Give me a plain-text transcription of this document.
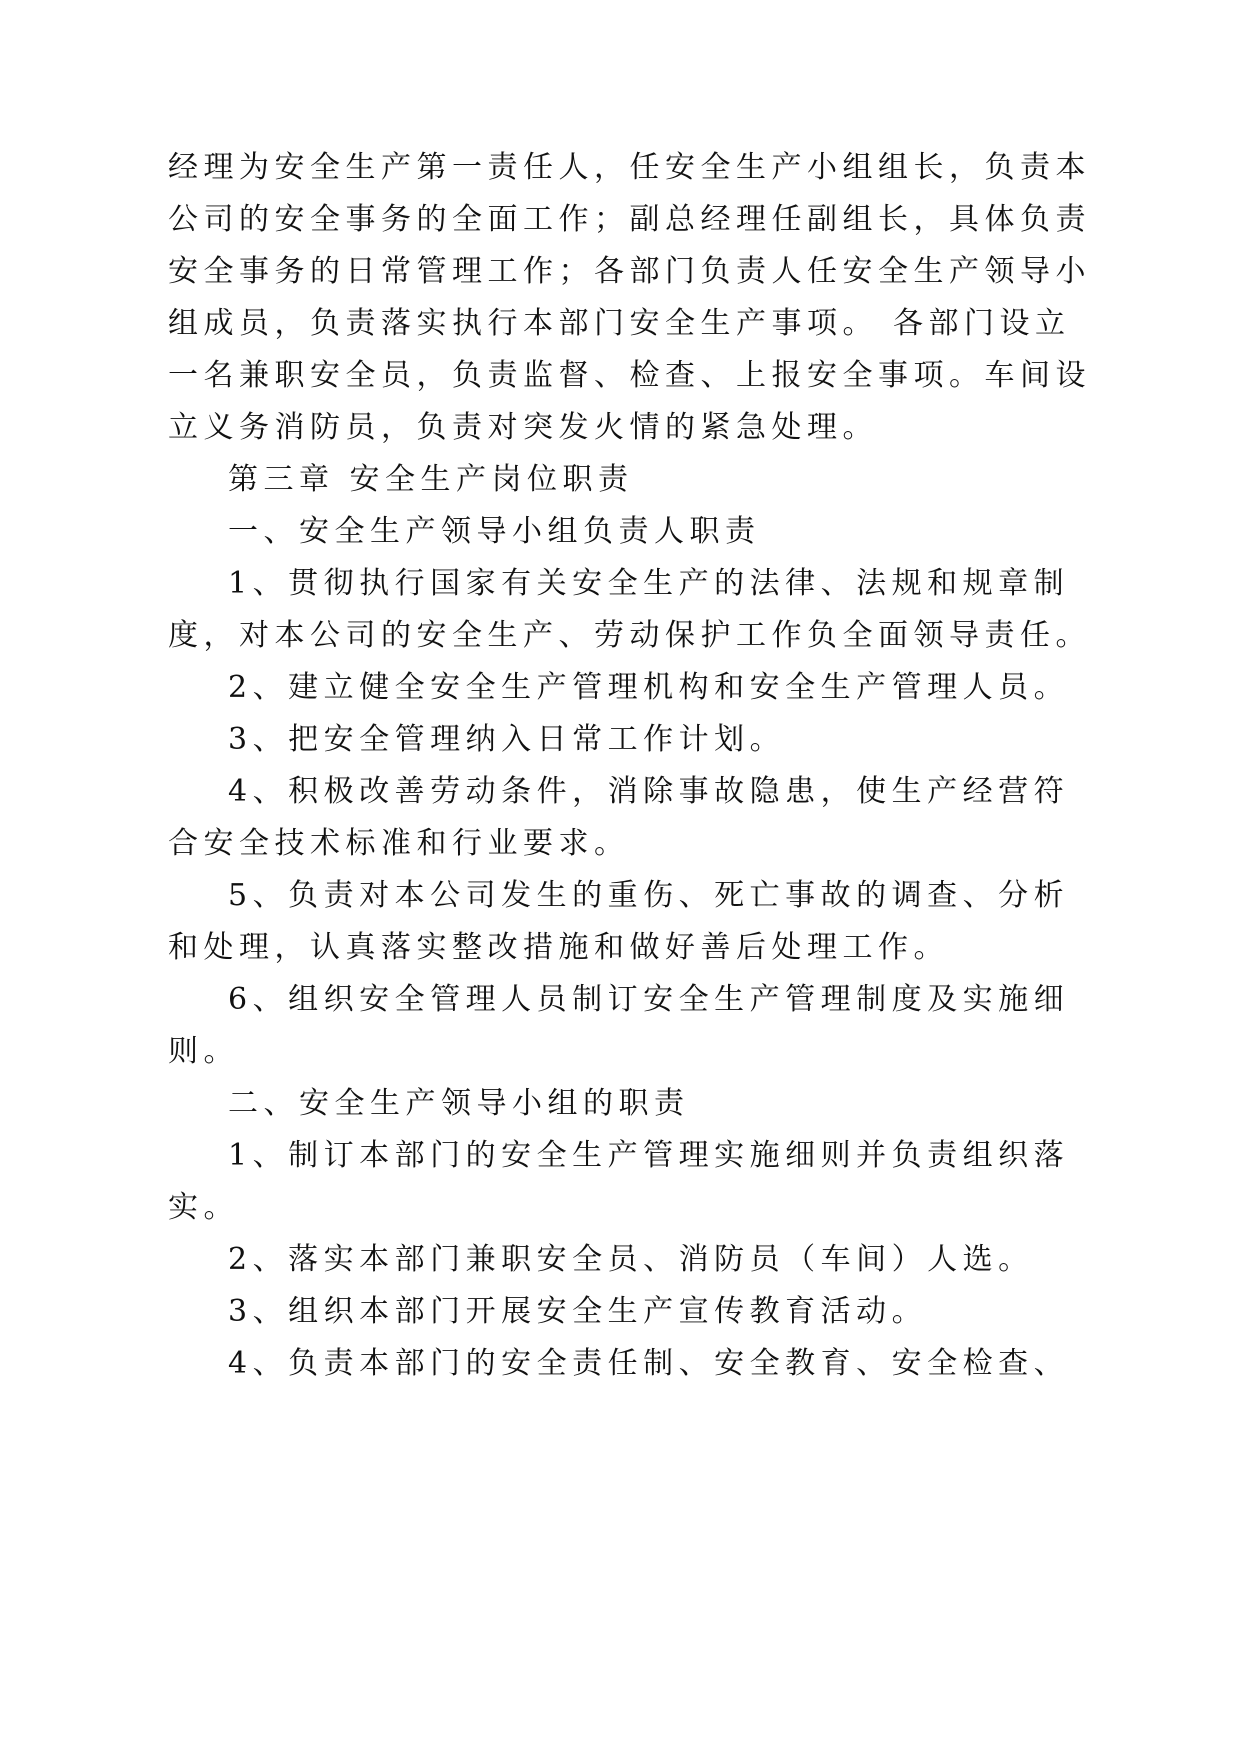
经理为安全生产第一责任人，任安全生产小组组长，负责本
公司的安全事务的全面工作；副总经理任副组长，具体负责
安全事务的日常管理工作；各部门负责人任安全生产领导小
组成员，负责落实执行本部门安全生产事项。 各部门设立
一名兼职安全员，负责监督、检查、上报安全事项。车间设
立义务消防员，负责对突发火情的紧急处理。
第三章 安全生产岗位职责
一、安全生产领导小组负责人职责
1、贯彻执行国家有关安全生产的法律、法规和规章制
度，对本公司的安全生产、劳动保护工作负全面领导责任。
2、建立健全安全生产管理机构和安全生产管理人员。
3、把安全管理纳入日常工作计划。
4、积极改善劳动条件，消除事故隐患，使生产经营符
合安全技术标准和行业要求。
5、负责对本公司发生的重伤、死亡事故的调查、分析
和处理，认真落实整改措施和做好善后处理工作。
6、组织安全管理人员制订安全生产管理制度及实施细
则。
二、安全生产领导小组的职责
1、制订本部门的安全生产管理实施细则并负责组织落
实。
2、落实本部门兼职安全员、消防员（车间）人选。
3、组织本部门开展安全生产宣传教育活动。
4、负责本部门的安全责任制、安全教育、安全检查、
